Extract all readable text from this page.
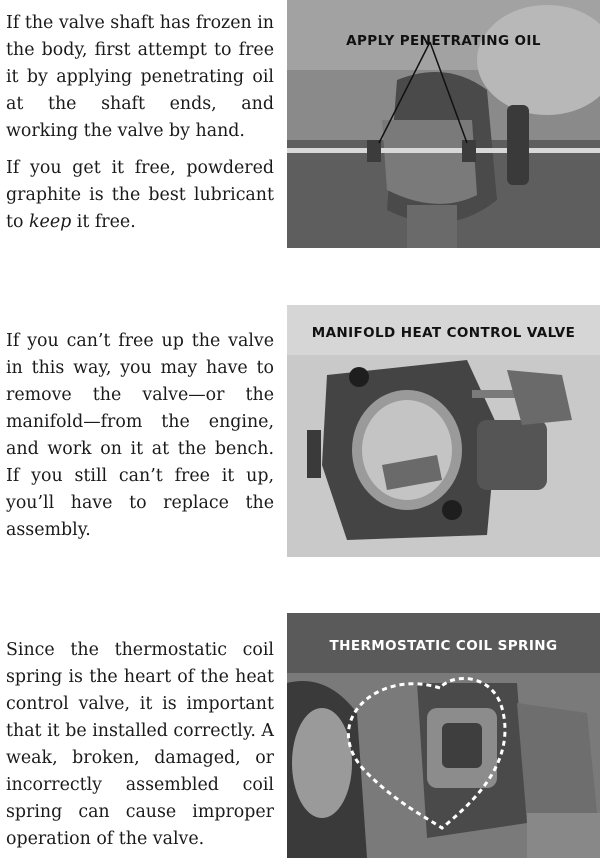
If the valve shaft has frozen in the body, first attempt to free it by applying penetrating oil at the shaft ends, and working the valve by hand.

If you get it free, powdered graphite is the best lubricant to keep it free.

APPLY PENETRATING OIL

If you can’t free up the valve in this way, you may have to remove the valve—or the manifold—from the engine, and work on it at the bench. If you still can’t free it up, you’ll have to replace the assembly.

MANIFOLD HEAT CONTROL VALVE

Since the thermostatic coil spring is the heart of the heat control valve, it is important that it be installed correctly. A weak, broken, damaged, or incorrectly assembled coil spring can cause improper operation of the valve.

THERMOSTATIC COIL SPRING
